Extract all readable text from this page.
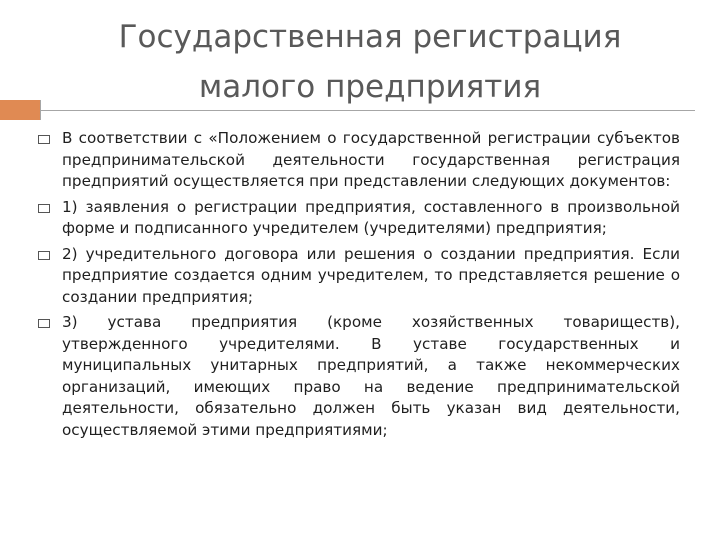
Государственная регистрация
малого предприятия
В соответствии с «Положением о государственной регистрации субъектов предпринимательской деятельности государственная регистрация предприятий осуществляется при представлении следующих документов:
1) заявления о регистрации предприятия, составленного в произвольной форме и подписанного учредителем (учредителями) предприятия;
2) учредительного договора или решения о создании предприятия. Если предприятие создается одним учредителем, то представляется решение о создании предприятия;
3) устава предприятия (кроме хозяйственных товариществ), утвержденного учредителями. В уставе государственных и муниципальных унитарных предприятий, а также некоммерческих организаций, имеющих право на ведение предпринимательской деятельности, обязательно должен быть указан вид деятельности, осуществляемой этими предприятиями;
